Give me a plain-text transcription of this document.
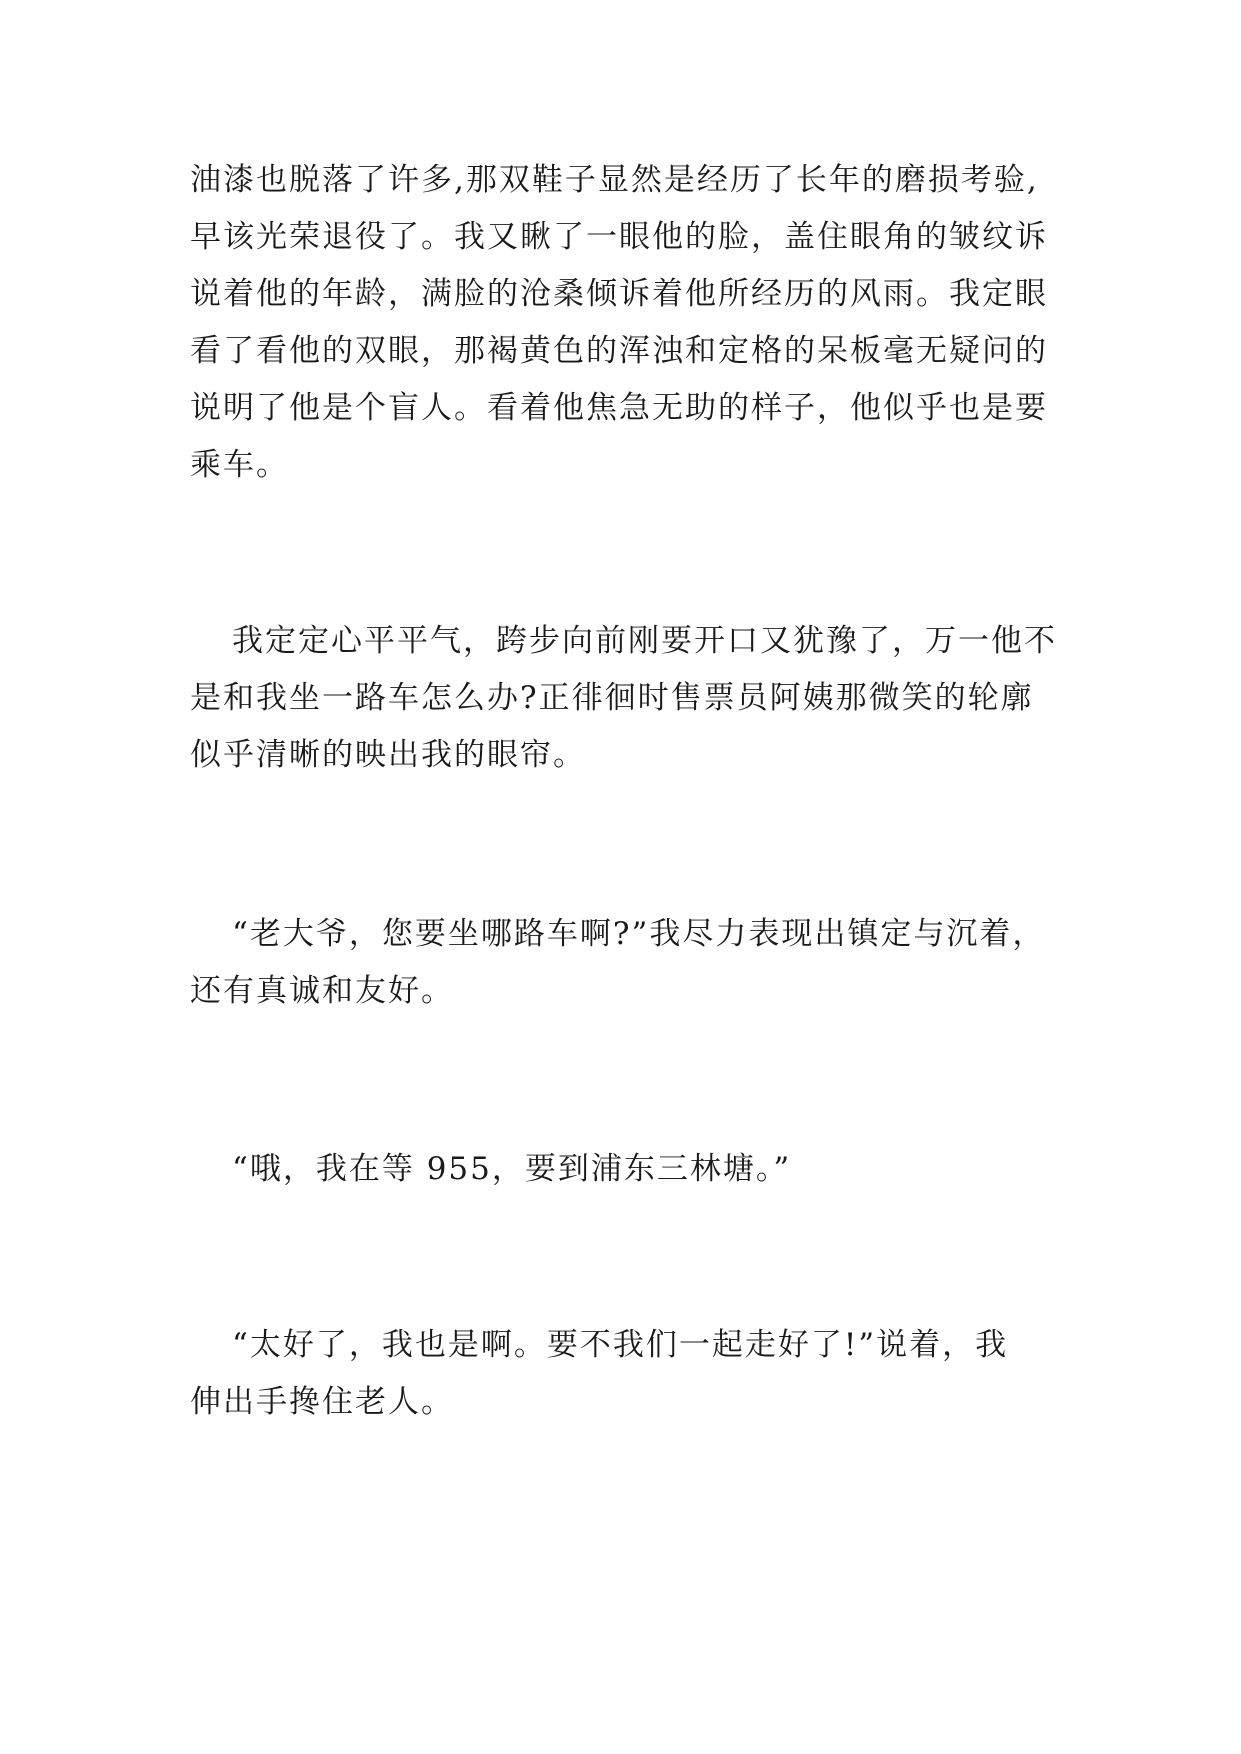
油漆也脱落了许多,那双鞋子显然是经历了长年的磨损考验,
早该光荣退役了。我又瞅了一眼他的脸，盖住眼角的皱纹诉
说着他的年龄，满脸的沧桑倾诉着他所经历的风雨。我定眼
看了看他的双眼，那褐黄色的浑浊和定格的呆板毫无疑问的
说明了他是个盲人。看着他焦急无助的样子，他似乎也是要
乘车。
我定定心平平气，跨步向前刚要开口又犹豫了，万一他不
是和我坐一路车怎么办?正徘徊时售票员阿姨那微笑的轮廓
似乎清晰的映出我的眼帘。
“老大爷，您要坐哪路车啊?”我尽力表现出镇定与沉着，
还有真诚和友好。
“哦，我在等 955，要到浦东三林塘。”
“太好了，我也是啊。要不我们一起走好了!”说着，我
伸出手搀住老人。
